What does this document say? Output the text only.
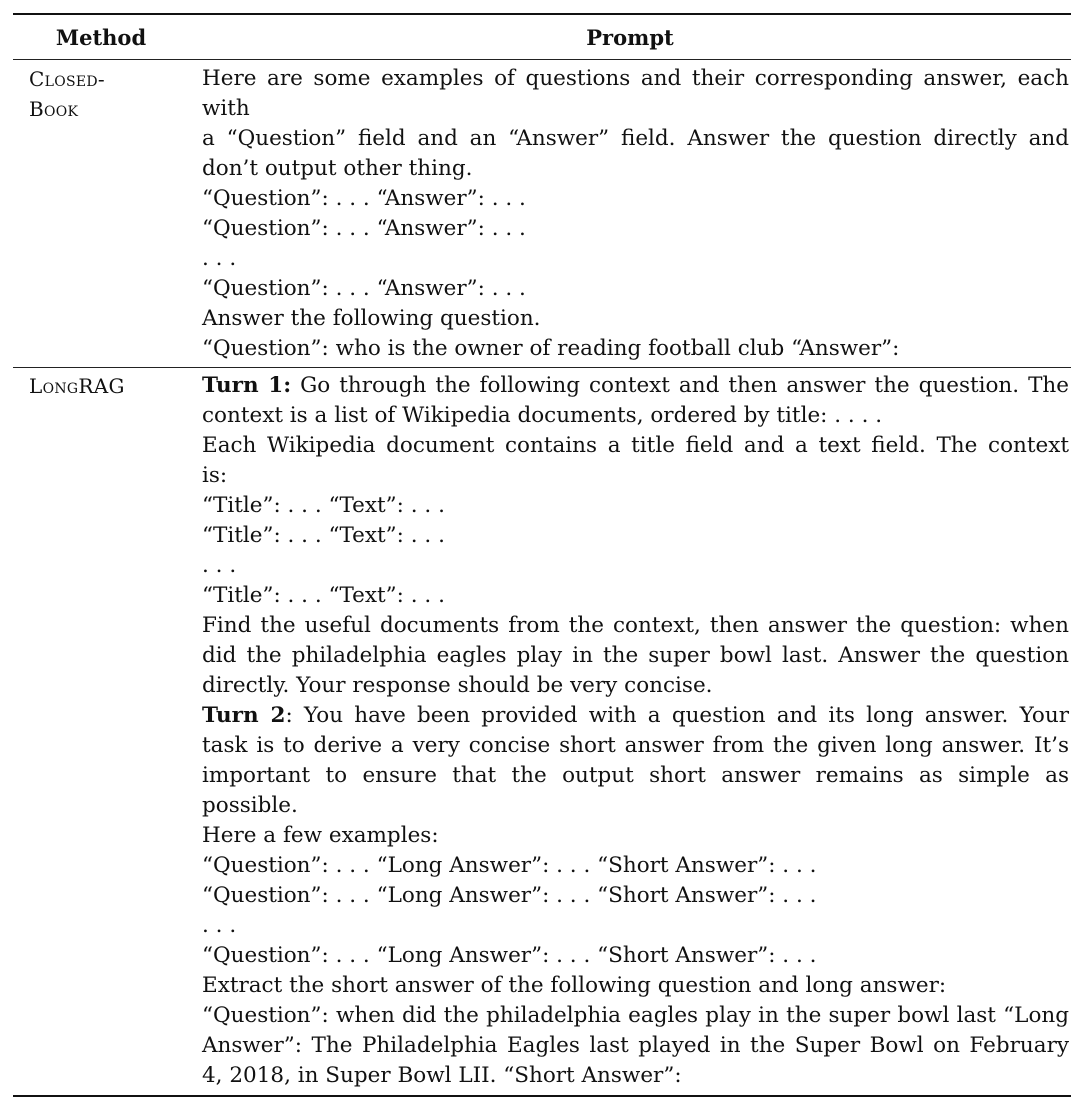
Method	Prompt
Closed-
Book
Here are some examples of questions and their corresponding answer, each with
a “Question” field and an “Answer” field. Answer the question directly and
don’t output other thing.
“Question”: . . . “Answer”: . . .
“Question”: . . . “Answer”: . . .
. . .
“Question”: . . . “Answer”: . . .
Answer the following question.
“Question”: who is the owner of reading football club “Answer”:
LongRAG	Turn 1: Go through the following context and then answer the question. The
context is a list of Wikipedia documents, ordered by title: . . . .
Each Wikipedia document contains a title field and a text field. The context
is:
“Title”: . . . “Text”: . . .
“Title”: . . . “Text”: . . .
. . .
“Title”: . . . “Text”: . . .
Find the useful documents from the context, then answer the question: when
did the philadelphia eagles play in the super bowl last. Answer the question
directly. Your response should be very concise.
Turn 2: You have been provided with a question and its long answer. Your
task is to derive a very concise short answer from the given long answer. It’s
important to ensure that the output short answer remains as simple as possible.
Here a few examples:
“Question”: . . . “Long Answer”: . . . “Short Answer”: . . .
“Question”: . . . “Long Answer”: . . . “Short Answer”: . . .
. . .
“Question”: . . . “Long Answer”: . . . “Short Answer”: . . .
Extract the short answer of the following question and long answer:
“Question”: when did the philadelphia eagles play in the super bowl last “Long
Answer”: The Philadelphia Eagles last played in the Super Bowl on February
4, 2018, in Super Bowl LII. “Short Answer”:
